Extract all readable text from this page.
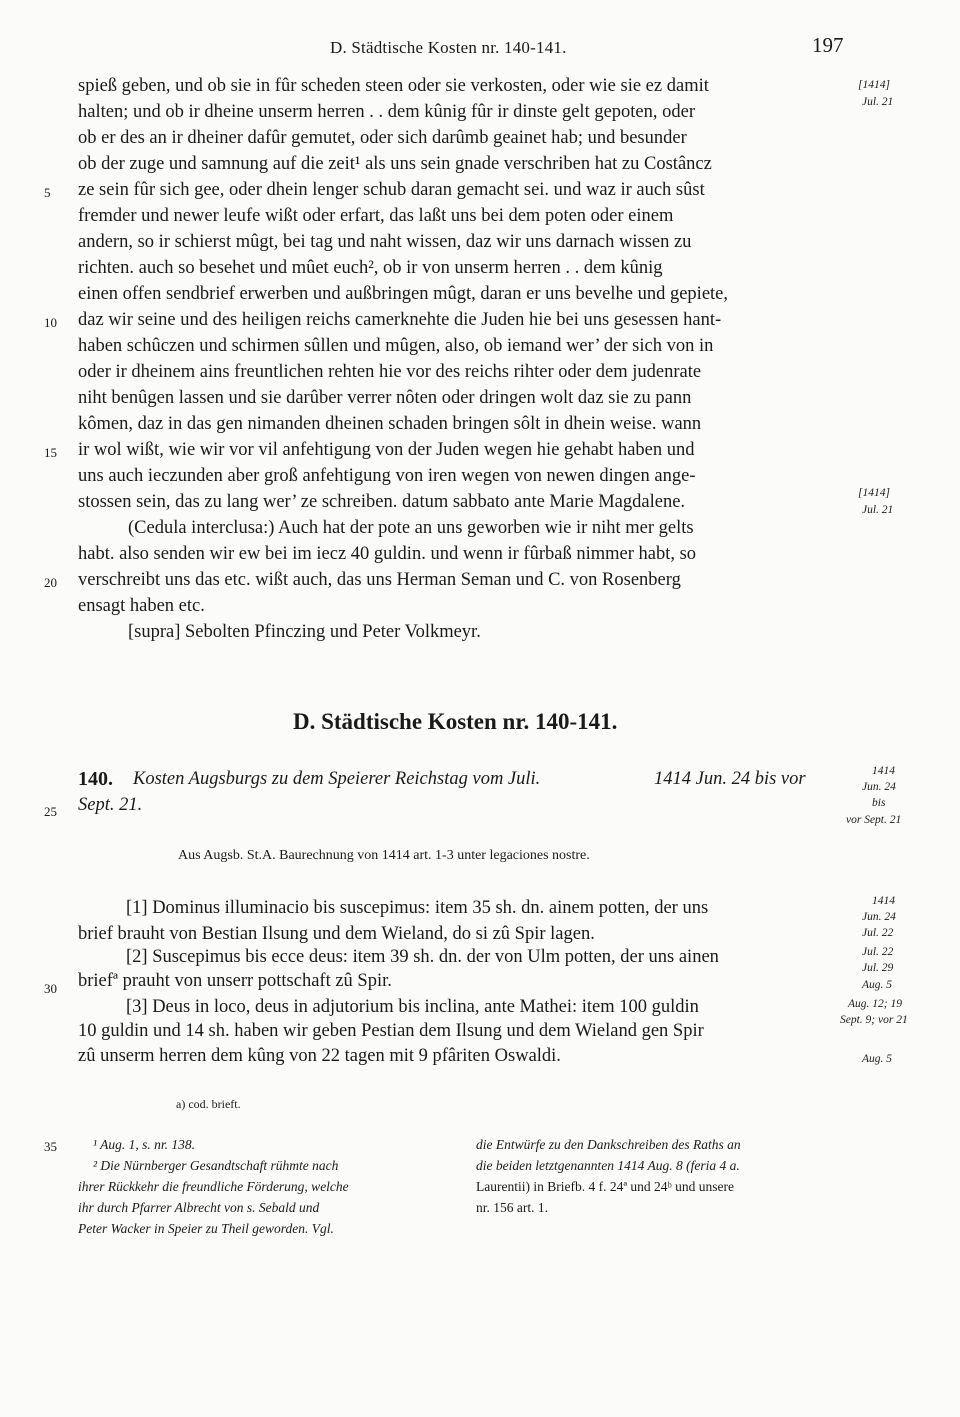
D. Städtische Kosten nr. 140-141.	197
spieß geben, und ob sie in fûr scheden steen oder sie verkosten, oder wie sie ez damit
halten; und ob ir dheine unserm herren . . dem kûnig fûr ir dinste gelt gepoten, oder
ob er des an ir dheiner dafûr gemutet, oder sich darûmb geainet hab; und besunder
ob der zuge und samnung auf die zeit¹ als uns sein gnade verschriben hat zu Costâncz
ze sein fûr sich gee, oder dhein lenger schub daran gemacht sei. und waz ir auch sûst
fremder und newer leufe wißt oder erfart, das laßt uns bei dem poten oder einem
andern, so ir schierst mûgt, bei tag und naht wissen, daz wir uns darnach wissen zu
richten. auch so besehet und mûet euch², ob ir von unserm herren . . dem kûnig
einen offen sendbrief erwerben und außbringen mûgt, daran er uns bevelhe und gepiete,
daz wir seine und des heiligen reichs camerknehte die Juden hie bei uns gesessen hant-
haben schûczen und schirmen sûllen und mûgen, also, ob iemand wer’ der sich von in
oder ir dheinem ains freuntlichen rehten hie vor des reichs rihter oder dem judenrate
niht benûgen lassen und sie darûber verrer nôten oder dringen wolt daz sie zu pann
kômen, daz in das gen nimanden dheinen schaden bringen sôlt in dhein weise. wann
ir wol wißt, wie wir vor vil anfehtigung von der Juden wegen hie gehabt haben und
uns auch ieczunden aber groß anfehtigung von iren wegen von newen dingen ange-
stossen sein, das zu lang wer’ ze schreiben. datum sabbato ante Marie Magdalene.
(Cedula interclusa:) Auch hat der pote an uns geworben wie ir niht mer gelts
habt. also senden wir ew bei im iecz 40 guldin. und wenn ir fûrbaß nimmer habt, so
verschreibt uns das etc. wißt auch, das uns Herman Seman und C. von Rosenberg
ensagt haben etc.
[supra] Sebolten Pfinczing und Peter Volkmeyr.
5
10
15
20
25
30
35
[1414]
Jul. 21
[1414]
Jul. 21
1414
Jun. 24
bis
vor Sept. 21
1414
Jun. 24
Jul. 22
Jul. 22
Jul. 29
Aug. 5
Aug. 12; 19
Sept. 9; vor 21
Aug. 5
D. Städtische Kosten nr. 140-141.
140. Kosten Augsburgs zu dem Speierer Reichstag vom Juli.	1414 Jun. 24 bis vor
Sept. 21.
Aus Augsb. St.A. Baurechnung von 1414 art. 1-3 unter legaciones nostre.
[1] Dominus illuminacio bis suscepimus: item 35 sh. dn. ainem potten, der uns
brief brauht von Bestian Ilsung und dem Wieland, do si zû Spir lagen.
[2] Suscepimus bis ecce deus: item 39 sh. dn. der von Ulm potten, der uns ainen
briefª prauht von unserr pottschaft zû Spir.
[3] Deus in loco, deus in adjutorium bis inclina, ante Mathei: item 100 guldin
10 guldin und 14 sh. haben wir geben Pestian dem Ilsung und dem Wieland gen Spir
zû unserm herren dem kûng von 22 tagen mit 9 pfâriten Oswaldi.
a) cod. brieft.
¹ Aug. 1, s. nr. 138.
² Die Nürnberger Gesandtschaft rühmte nach
ihrer Rückkehr die freundliche Förderung, welche
ihr durch Pfarrer Albrecht von s. Sebald und
Peter Wacker in Speier zu Theil geworden. Vgl.
die Entwürfe zu den Dankschreiben des Raths an
die beiden letztgenannten 1414 Aug. 8 (feria 4 a.
Laurentii) in Briefb. 4 f. 24ª und 24ᵇ und unsere
nr. 156 art. 1.
